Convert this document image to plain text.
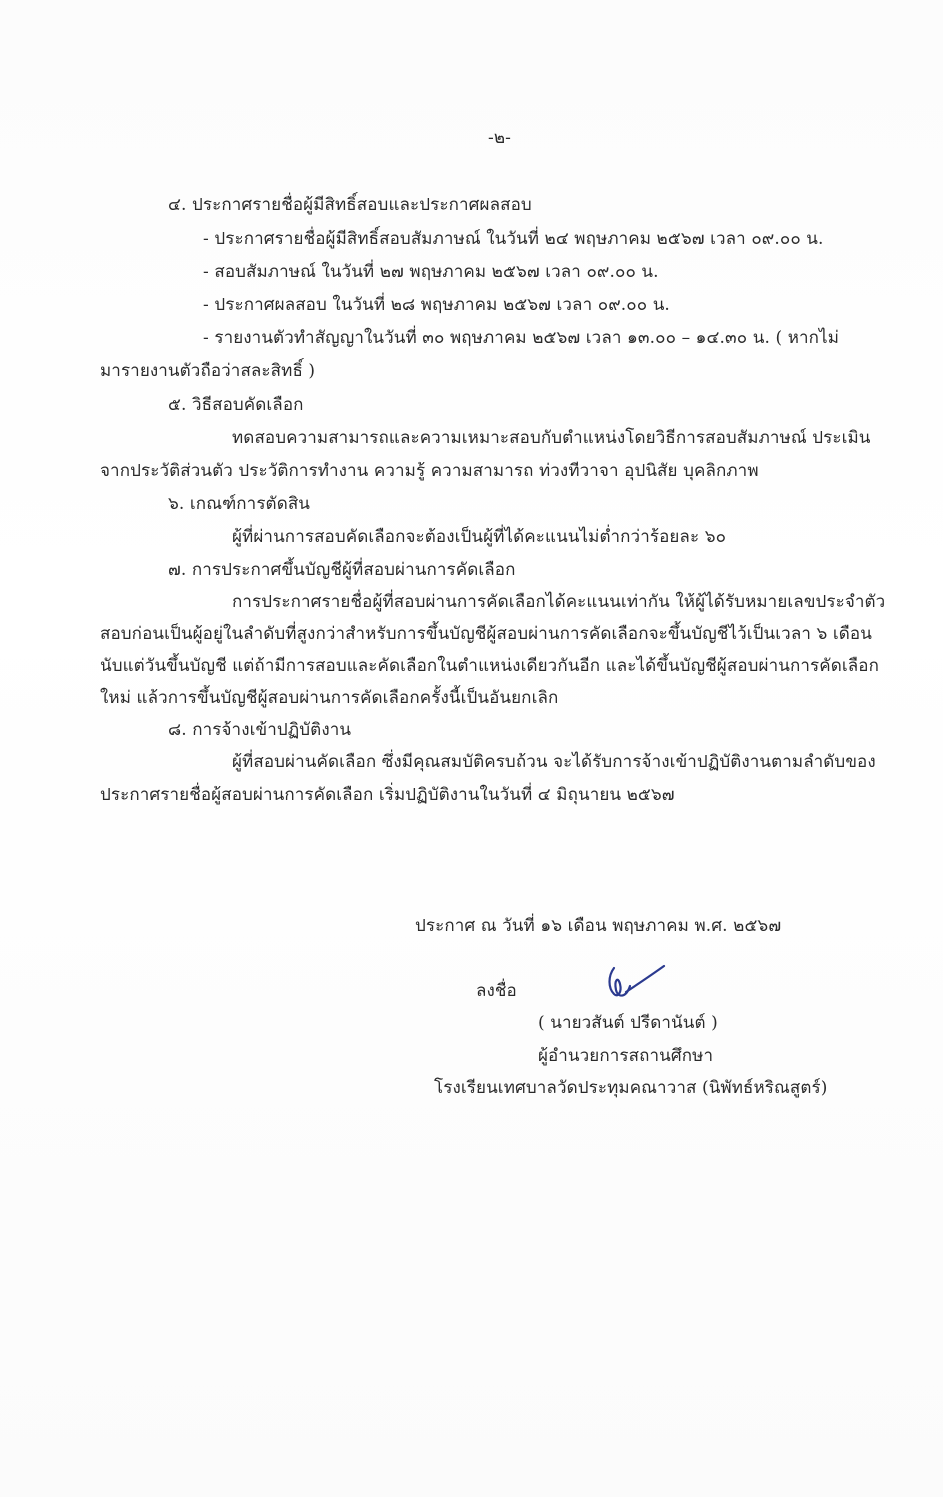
-๒-
๔. ประกาศรายชื่อผู้มีสิทธิ์สอบและประกาศผลสอบ
- ประกาศรายชื่อผู้มีสิทธิ์สอบสัมภาษณ์ ในวันที่ ๒๔ พฤษภาคม ๒๕๖๗ เวลา ๐๙.๐๐ น.
- สอบสัมภาษณ์ ในวันที่ ๒๗ พฤษภาคม ๒๕๖๗ เวลา ๐๙.๐๐ น.
- ประกาศผลสอบ ในวันที่ ๒๘ พฤษภาคม ๒๕๖๗ เวลา ๐๙.๐๐ น.
- รายงานตัวทำสัญญาในวันที่ ๓๐ พฤษภาคม ๒๕๖๗ เวลา ๑๓.๐๐ – ๑๔.๓๐ น. ( หากไม่
มารายงานตัวถือว่าสละสิทธิ์ )
๕. วิธีสอบคัดเลือก
ทดสอบความสามารถและความเหมาะสอบกับตำแหน่งโดยวิธีการสอบสัมภาษณ์ ประเมิน
จากประวัติส่วนตัว ประวัติการทำงาน ความรู้ ความสามารถ ท่วงทีวาจา อุปนิสัย บุคลิกภาพ
๖. เกณฑ์การตัดสิน
ผู้ที่ผ่านการสอบคัดเลือกจะต้องเป็นผู้ที่ได้คะแนนไม่ต่ำกว่าร้อยละ ๖๐
๗. การประกาศขึ้นบัญชีผู้ที่สอบผ่านการคัดเลือก
การประกาศรายชื่อผู้ที่สอบผ่านการคัดเลือกได้คะแนนเท่ากัน ให้ผู้ได้รับหมายเลขประจำตัว
สอบก่อนเป็นผู้อยู่ในลำดับที่สูงกว่าสำหรับการขึ้นบัญชีผู้สอบผ่านการคัดเลือกจะขึ้นบัญชีไว้เป็นเวลา ๖ เดือน
นับแต่วันขึ้นบัญชี แต่ถ้ามีการสอบและคัดเลือกในตำแหน่งเดียวกันอีก และได้ขึ้นบัญชีผู้สอบผ่านการคัดเลือก
ใหม่ แล้วการขึ้นบัญชีผู้สอบผ่านการคัดเลือกครั้งนี้เป็นอันยกเลิก
๘. การจ้างเข้าปฏิบัติงาน
ผู้ที่สอบผ่านคัดเลือก ซึ่งมีคุณสมบัติครบถ้วน จะได้รับการจ้างเข้าปฏิบัติงานตามลำดับของ
ประกาศรายชื่อผู้สอบผ่านการคัดเลือก เริ่มปฏิบัติงานในวันที่ ๔ มิถุนายน ๒๕๖๗
ประกาศ ณ วันที่ ๑๖ เดือน พฤษภาคม พ.ศ. ๒๕๖๗
ลงชื่อ
( นายวสันต์ ปรีดานันต์ )
ผู้อำนวยการสถานศึกษา
โรงเรียนเทศบาลวัดประทุมคณาวาส (นิพัทธ์หริณสูตร์)
